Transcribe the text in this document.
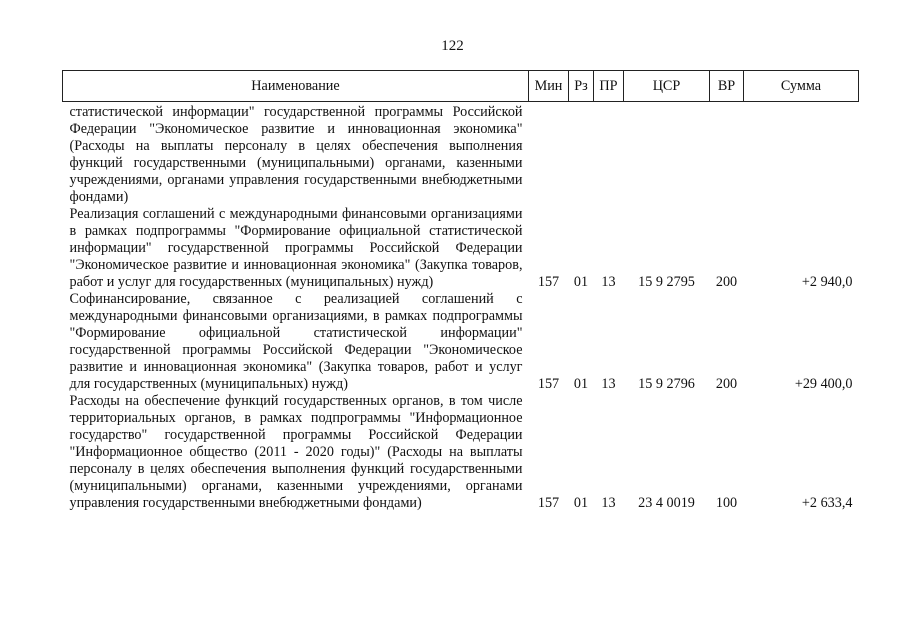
122
Наименование	Мин	Рз	ПР	ЦСР	ВР	Сумма
статистической информации" государственной программы Российской Федерации "Экономическое развитие и инновационная экономика" (Расходы на выплаты персоналу в целях обеспечения выполнения функций государственными (муниципальными) органами, казенными учреждениями, органами управления государственными внебюджетными фондами)						
Реализация соглашений с международными финансовыми организациями в рамках подпрограммы "Формирование официальной статистической информации" государственной программы Российской Федерации "Экономическое развитие и инновационная экономика" (Закупка товаров, работ и услуг для государственных (муниципальных) нужд)	157	01	13	15 9 2795	200	+2 940,0
Софинансирование, связанное с реализацией соглашений с международными финансовыми организациями, в рамках подпрограммы "Формирование официальной статистической информации" государственной программы Российской Федерации "Экономическое развитие и инновационная экономика" (Закупка товаров, работ и услуг для государственных (муниципальных) нужд)	157	01	13	15 9 2796	200	+29 400,0
Расходы на обеспечение функций государственных органов, в том числе территориальных органов, в рамках подпрограммы "Информационное государство" государственной программы Российской Федерации "Информационное общество (2011 - 2020 годы)" (Расходы на выплаты персоналу в целях обеспечения выполнения функций государственными (муниципальными) органами, казенными учреждениями, органами управления государственными внебюджетными фондами)	157	01	13	23 4 0019	100	+2 633,4
